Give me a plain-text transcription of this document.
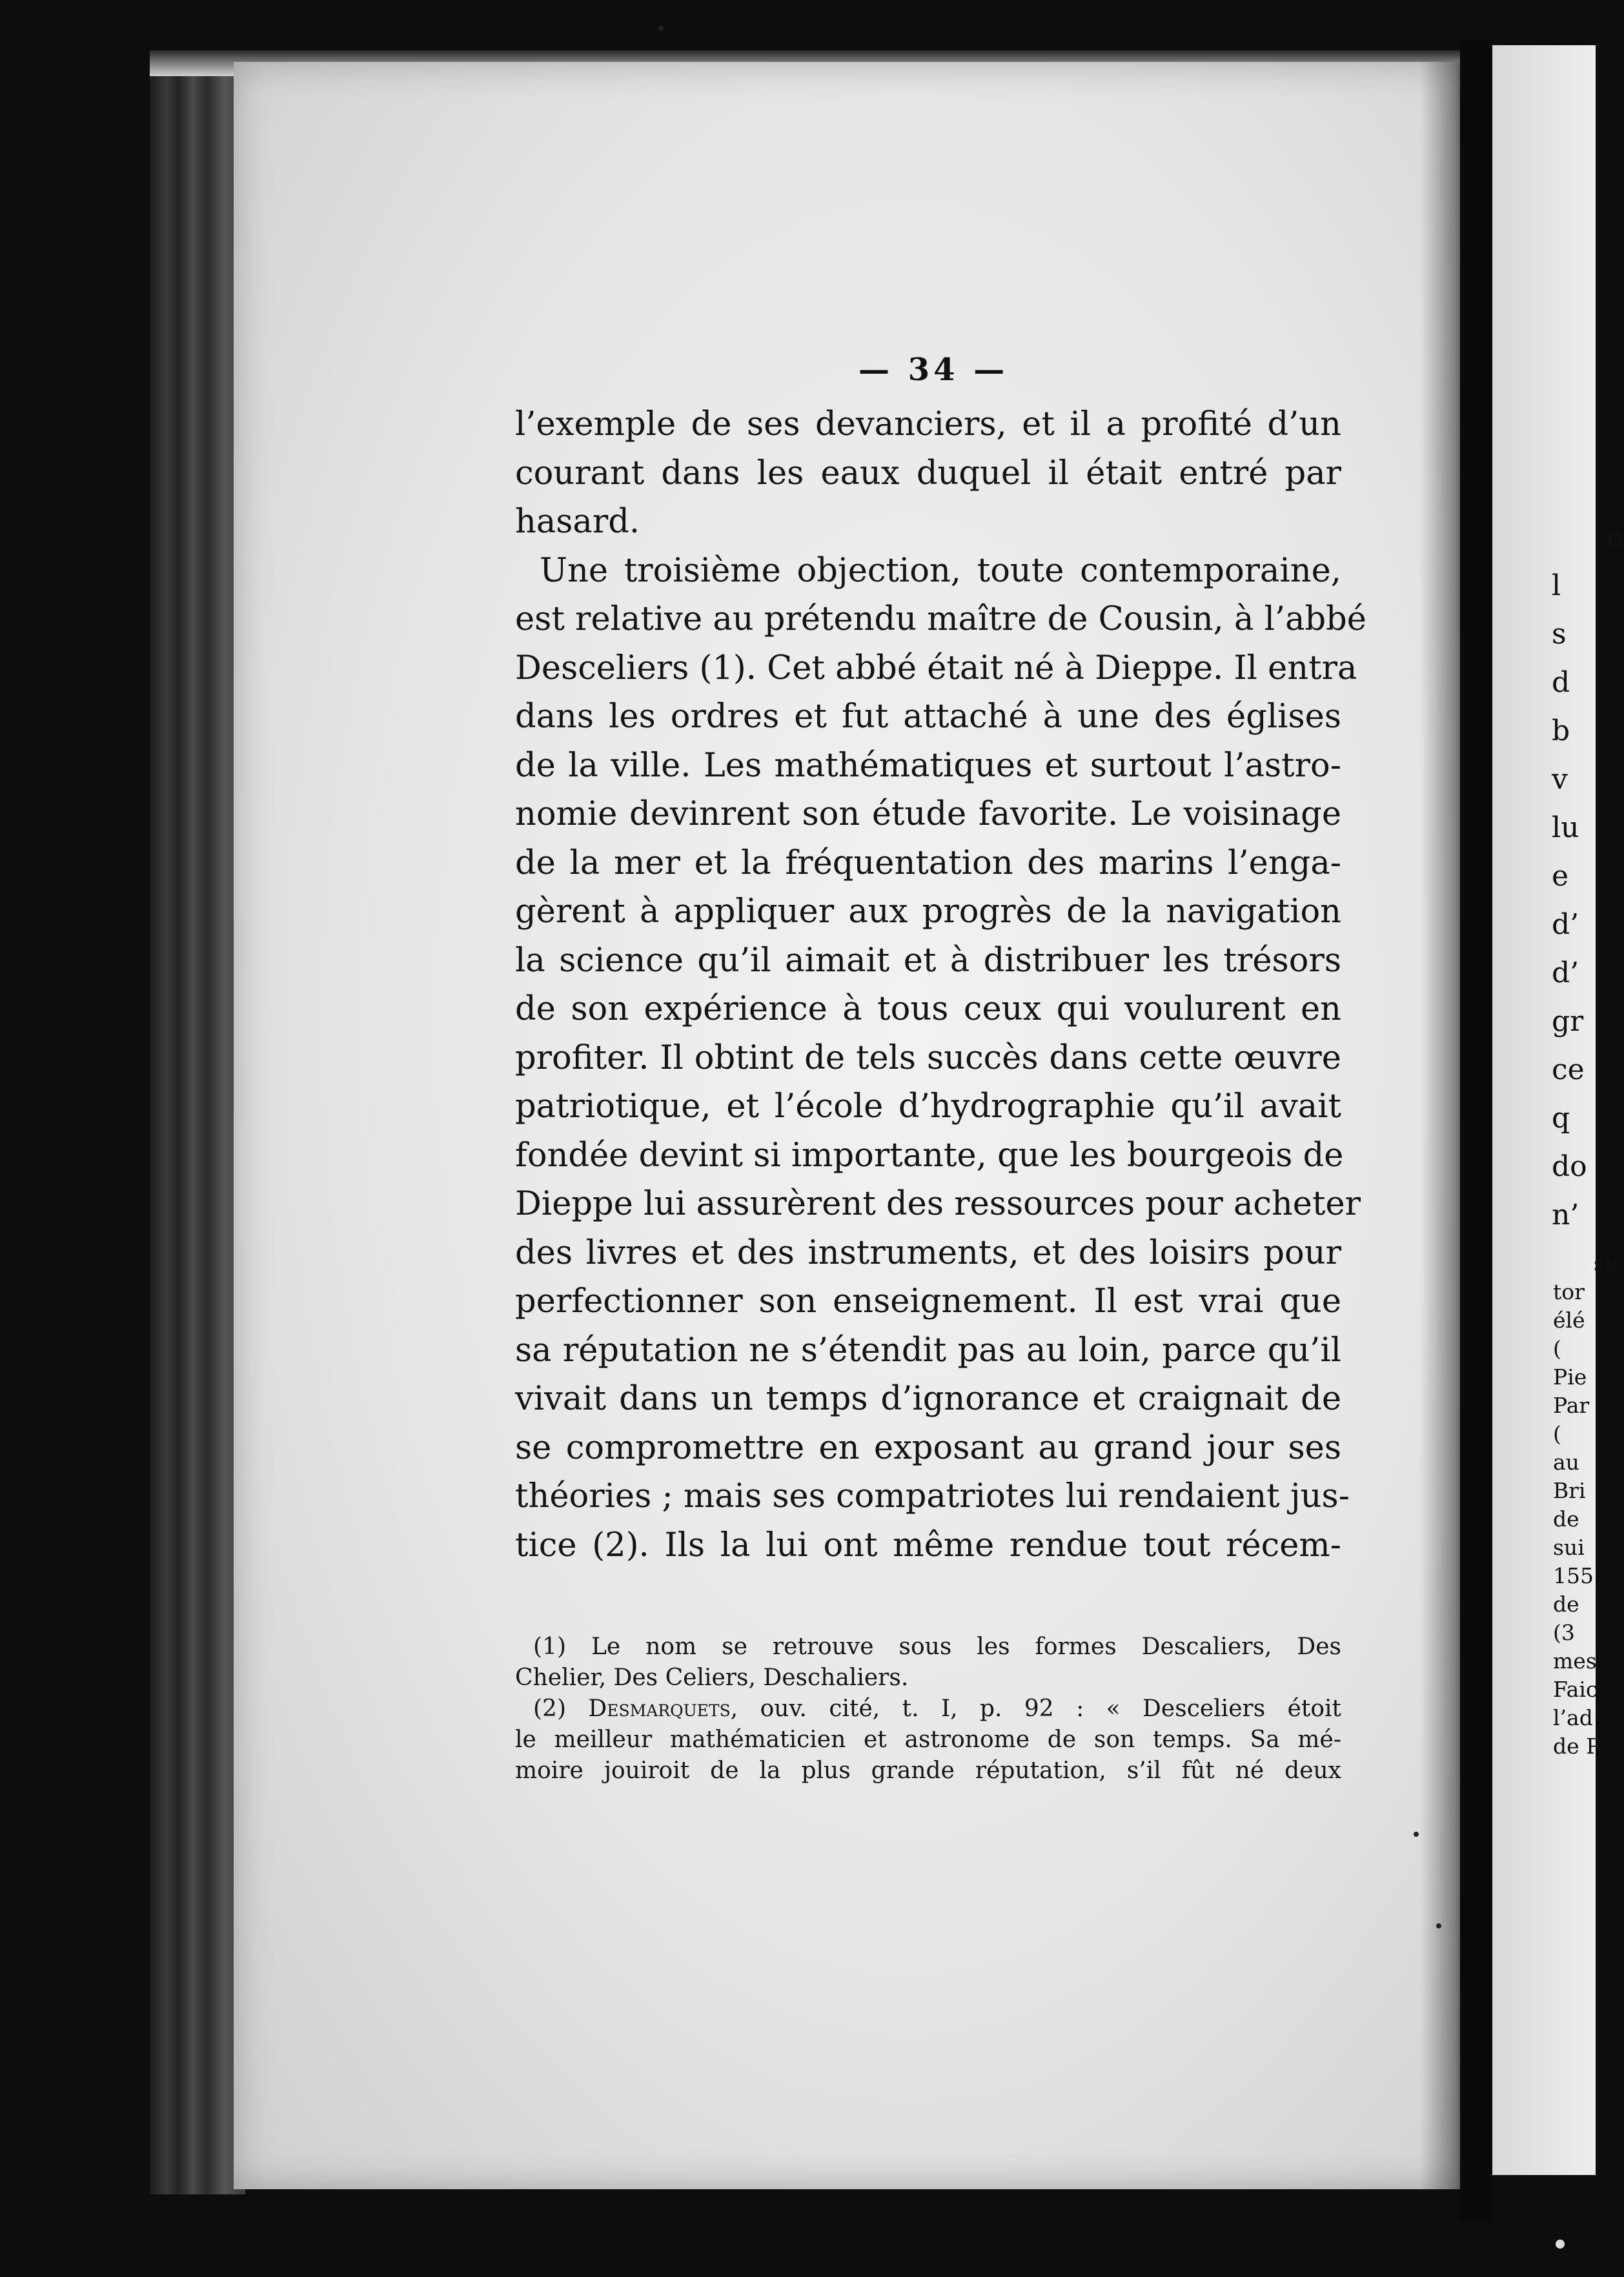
n
l
s
d
b
v
lu
e
d’
d’
gr
ce
q
do
n’

siè
tor
élé
(
Pie
Par
(
au
Bri
de
sui
155
de
(3
mes
Faic
l’ad
de P

— 34 —
l’exemple de ses devanciers, et il a profité d’un
courant dans les eaux duquel il était entré par
hasard.
Une troisième objection, toute contemporaine,
est relative au prétendu maître de Cousin, à l’abbé
Desceliers (1). Cet abbé était né à Dieppe. Il entra
dans les ordres et fut attaché à une des églises
de la ville. Les mathématiques et surtout l’astro-
nomie devinrent son étude favorite. Le voisinage
de la mer et la fréquentation des marins l’enga-
gèrent à appliquer aux progrès de la navigation
la science qu’il aimait et à distribuer les trésors
de son expérience à tous ceux qui voulurent en
profiter. Il obtint de tels succès dans cette œuvre
patriotique, et l’école d’hydrographie qu’il avait
fondée devint si importante, que les bourgeois de
Dieppe lui assurèrent des ressources pour acheter
des livres et des instruments, et des loisirs pour
perfectionner son enseignement. Il est vrai que
sa réputation ne s’étendit pas au loin, parce qu’il
vivait dans un temps d’ignorance et craignait de
se compromettre en exposant au grand jour ses
théories ; mais ses compatriotes lui rendaient jus-
tice (2). Ils la lui ont même rendue tout récem-
(1) Le nom se retrouve sous les formes Descaliers, Des
Chelier, Des Celiers, Deschaliers.
(2) Desmarquets, ouv. cité, t. I, p. 92 : « Desceliers étoit
le meilleur mathématicien et astronome de son temps. Sa mé-
moire jouiroit de la plus grande réputation, s’il fût né deux
